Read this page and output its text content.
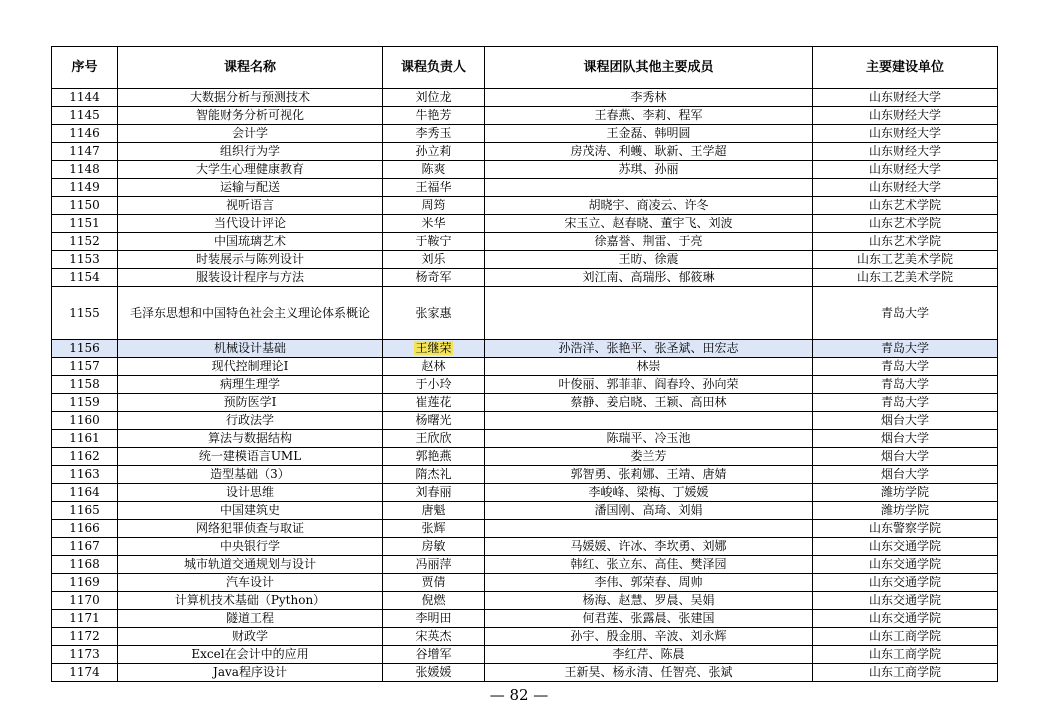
序号	课程名称	课程负责人	课程团队其他主要成员	主要建设单位
1144	大数据分析与预测技术	刘位龙	李秀林	山东财经大学
1145	智能财务分析可视化	牛艳芳	王春燕、李莉、程军	山东财经大学
1146	会计学	李秀玉	王金磊、韩明圆	山东财经大学
1147	组织行为学	孙立莉	房茂涛、利蠖、耿新、王学超	山东财经大学
1148	大学生心理健康教育	陈爽	苏琪、孙丽	山东财经大学
1149	运输与配送	王福华		山东财经大学
1150	视听语言	周筠	胡晓宇、商凌云、许冬	山东艺术学院
1151	当代设计评论	米华	宋玉立、赵春晓、董宇飞、刘波	山东艺术学院
1152	中国琉璃艺术	于鞍宁	徐嘉誉、荆雷、于亮	山东艺术学院
1153	时装展示与陈列设计	刘乐	王昉、徐震	山东工艺美术学院
1154	服装设计程序与方法	杨奇军	刘江南、高瑞彤、郁筱琳	山东工艺美术学院
1155	毛泽东思想和中国特色社会主义理论体系概论	张家惠		青岛大学
1156	机械设计基础	王继荣	孙浩洋、张艳平、张圣斌、田宏志	青岛大学
1157	现代控制理论I	赵林	林崇	青岛大学
1158	病理生理学	于小玲	叶俊丽、郭菲菲、阎春玲、孙向荣	青岛大学
1159	预防医学I	崔莲花	蔡静、姜启晓、王颖、高田林	青岛大学
1160	行政法学	杨曙光		烟台大学
1161	算法与数据结构	王欣欣	陈瑞平、冷玉池	烟台大学
1162	统一建模语言UML	郭艳燕	娄兰芳	烟台大学
1163	造型基础（3）	隋杰礼	郭智勇、张莉娜、王靖、唐婧	烟台大学
1164	设计思维	刘春丽	李峻峰、梁梅、丁媛媛	潍坊学院
1165	中国建筑史	唐魁	潘国刚、高琦、刘娟	潍坊学院
1166	网络犯罪侦查与取证	张辉		山东警察学院
1167	中央银行学	房敏	马媛媛、许冰、李坎勇、刘娜	山东交通学院
1168	城市轨道交通规划与设计	冯丽萍	韩红、张立东、高佳、樊泽园	山东交通学院
1169	汽车设计	贾倩	李伟、郭荣春、周帅	山东交通学院
1170	计算机技术基础（Python）	倪燃	杨海、赵慧、罗晨、吴娟	山东交通学院
1171	隧道工程	李明田	何君莲、张露晨、张建国	山东交通学院
1172	财政学	宋英杰	孙宇、殷金朋、辛波、刘永辉	山东工商学院
1173	Excel在会计中的应用	谷增军	李红芹、陈晨	山东工商学院
1174	Java程序设计	张媛媛	王新昊、杨永清、任智亮、张斌	山东工商学院
— 82 —
